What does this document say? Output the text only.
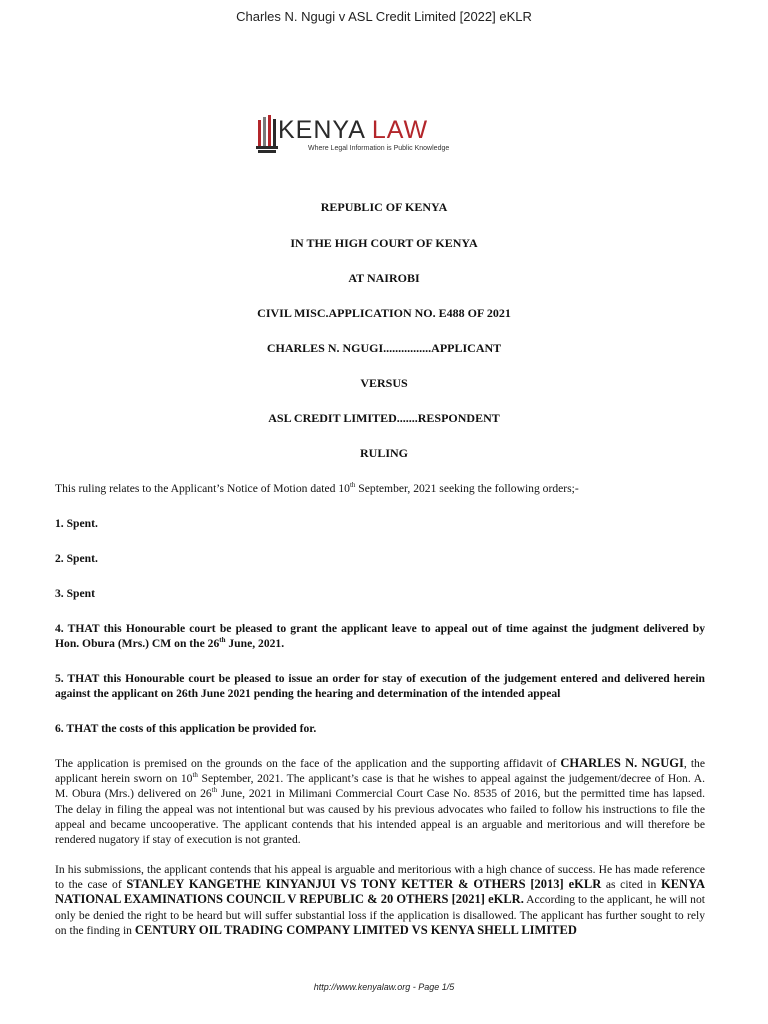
Charles N. Ngugi v ASL Credit Limited [2022] eKLR
KENYA LAW
Where Legal Information is Public Knowledge
REPUBLIC OF KENYA
IN THE HIGH COURT OF KENYA
AT NAIROBI
CIVIL MISC.APPLICATION NO. E488 OF 2021
CHARLES N. NGUGI................APPLICANT
VERSUS
ASL CREDIT LIMITED.......RESPONDENT
RULING
This ruling relates to the Applicant’s Notice of Motion dated 10th September, 2021 seeking the following orders;-
1. Spent.
2. Spent.
3. Spent
4. THAT this Honourable court be pleased to grant the applicant leave to appeal out of time against the judgment delivered by Hon. Obura (Mrs.) CM on the 26th June, 2021.
5. THAT this Honourable court be pleased to issue an order for stay of execution of the judgement entered and delivered herein against the applicant on 26th June 2021 pending the hearing and determination of the intended appeal
6. THAT the costs of this application be provided for.
The application is premised on the grounds on the face of the application and the supporting affidavit of CHARLES N. NGUGI, the applicant herein sworn on 10th September, 2021. The applicant’s case is that he wishes to appeal against the judgement/decree of Hon. A. M. Obura (Mrs.) delivered on 26th June, 2021 in Milimani Commercial Court Case No. 8535 of 2016, but the permitted time has lapsed. The delay in filing the appeal was not intentional but was caused by his previous advocates who failed to follow his instructions to file the appeal and became uncooperative. The applicant contends that his intended appeal is an arguable and meritorious and will therefore be rendered nugatory if stay of execution is not granted.
In his submissions, the applicant contends that his appeal is arguable and meritorious with a high chance of success. He has made reference to the case of STANLEY KANGETHE KINYANJUI VS TONY KETTER & OTHERS [2013] eKLR as cited in KENYA NATIONAL EXAMINATIONS COUNCIL V REPUBLIC & 20 OTHERS [2021] eKLR. According to the applicant, he will not only be denied the right to be heard but will suffer substantial loss if the application is disallowed. The applicant has further sought to rely on the finding in CENTURY OIL TRADING COMPANY LIMITED VS KENYA SHELL LIMITED
http://www.kenyalaw.org - Page 1/5
